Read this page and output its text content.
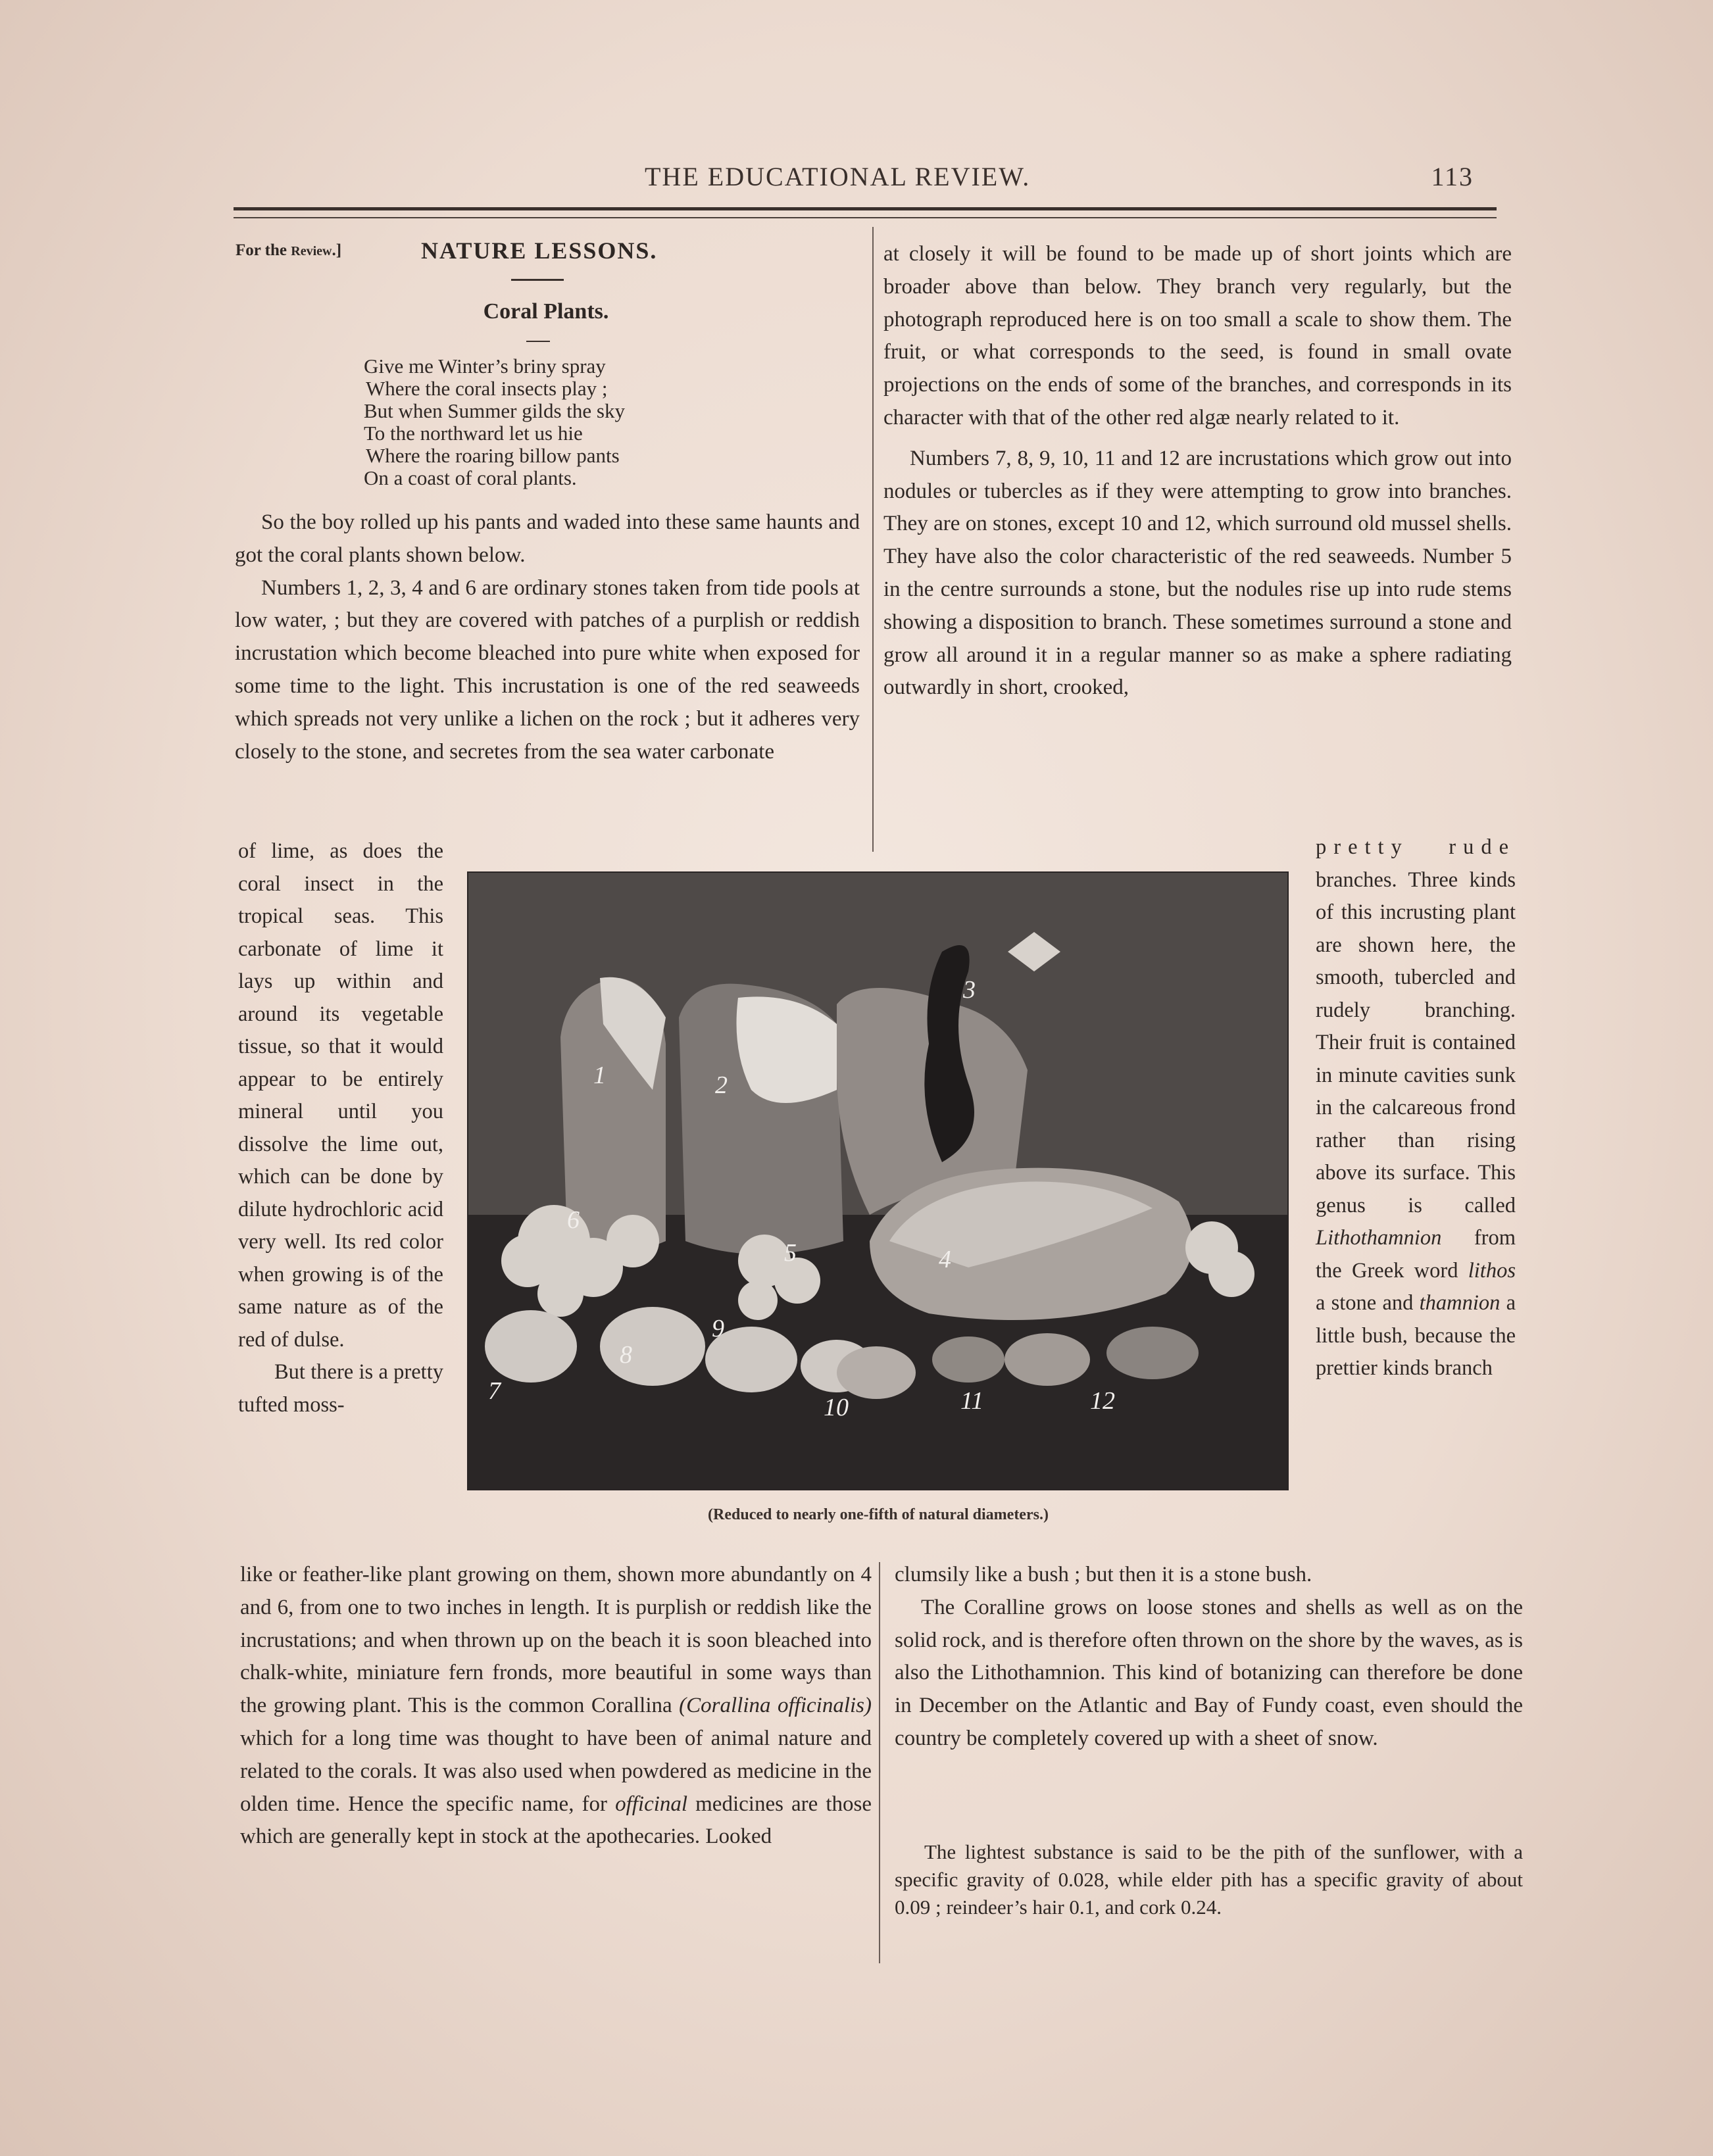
THE EDUCATIONAL REVIEW.	113
For the Review.]	NATURE LESSONS.
Coral Plants.
Give me Winter’s briny spray
Where the coral insects play ;
But when Summer gilds the sky
To the northward let us hie
Where the roaring billow pants
On a coast of coral plants.

So the boy rolled up his pants and waded into these same haunts and got the coral plants shown below.

Numbers 1, 2, 3, 4 and 6 are ordinary stones taken from tide pools at low water, ; but they are covered with patches of a purplish or reddish incrustation which become bleached into pure white when exposed for some time to the light. This incrustation is one of the red seaweeds which spreads not very unlike a lichen on the rock ; but it adheres very closely to the stone, and secretes from the sea water carbonate

of lime, as does the coral insect in the tropical seas. This carbonate of lime it lays up within and around its vegetable tissue, so that it would appear to be entirely mineral until you dissolve the lime out, which can be done by dilute hydrochloric acid very well. Its red color when growing is of the same nature as of the red of dulse.

But there is a pretty tufted moss-

like or feather-like plant growing on them, shown more abundantly on 4 and 6, from one to two inches in length. It is purplish or reddish like the incrustations; and when thrown up on the beach it is soon bleached into chalk-white, miniature fern fronds, more beautiful in some ways than the growing plant. This is the common Corallina (Corallina officinalis) which for a long time was thought to have been of animal nature and related to the corals. It was also used when powdered as medicine in the olden time. Hence the specific name, for officinal medicines are those which are generally kept in stock at the apothecaries. Looked

at closely it will be found to be made up of short joints which are broader above than below. They branch very regularly, but the photograph reproduced here is on too small a scale to show them. The fruit, or what corresponds to the seed, is found in small ovate projections on the ends of some of the branches, and corresponds in its character with that of the other red algæ nearly related to it.

Numbers 7, 8, 9, 10, 11 and 12 are incrustations which grow out into nodules or tubercles as if they were attempting to grow into branches. They are on stones, except 10 and 12, which surround old mussel shells. They have also the color characteristic of the red seaweeds. Number 5 in the centre surrounds a stone, but the nodules rise up into rude stems showing a disposition to branch. These sometimes surround a stone and grow all around it in a regular manner so as make a sphere radiating outwardly in short, crooked,

pretty rude branches. Three kinds of this incrusting plant are shown here, the smooth, tubercled and rudely branching. Their fruit is contained in minute cavities sunk in the calcareous frond rather than rising above its surface. This genus is called Lithothamnion from the Greek word lithos a stone and thamnion a little bush, because the prettier kinds branch

clumsily like a bush ; but then it is a stone bush.

The Coralline grows on loose stones and shells as well as on the solid rock, and is therefore often thrown on the shore by the waves, as is also the Lithothamnion. This kind of botanizing can therefore be done in December on the Atlantic and Bay of Fundy coast, even should the country be completely covered up with a sheet of snow.

The lightest substance is said to be the pith of the sunflower, with a specific gravity of 0.028, while elder pith has a specific gravity of about 0.09 ; reindeer’s hair 0.1, and cork 0.24.

1	2
3
4
5
6
7
8
9
10	11	12
(Reduced to nearly one-fifth of natural diameters.)
